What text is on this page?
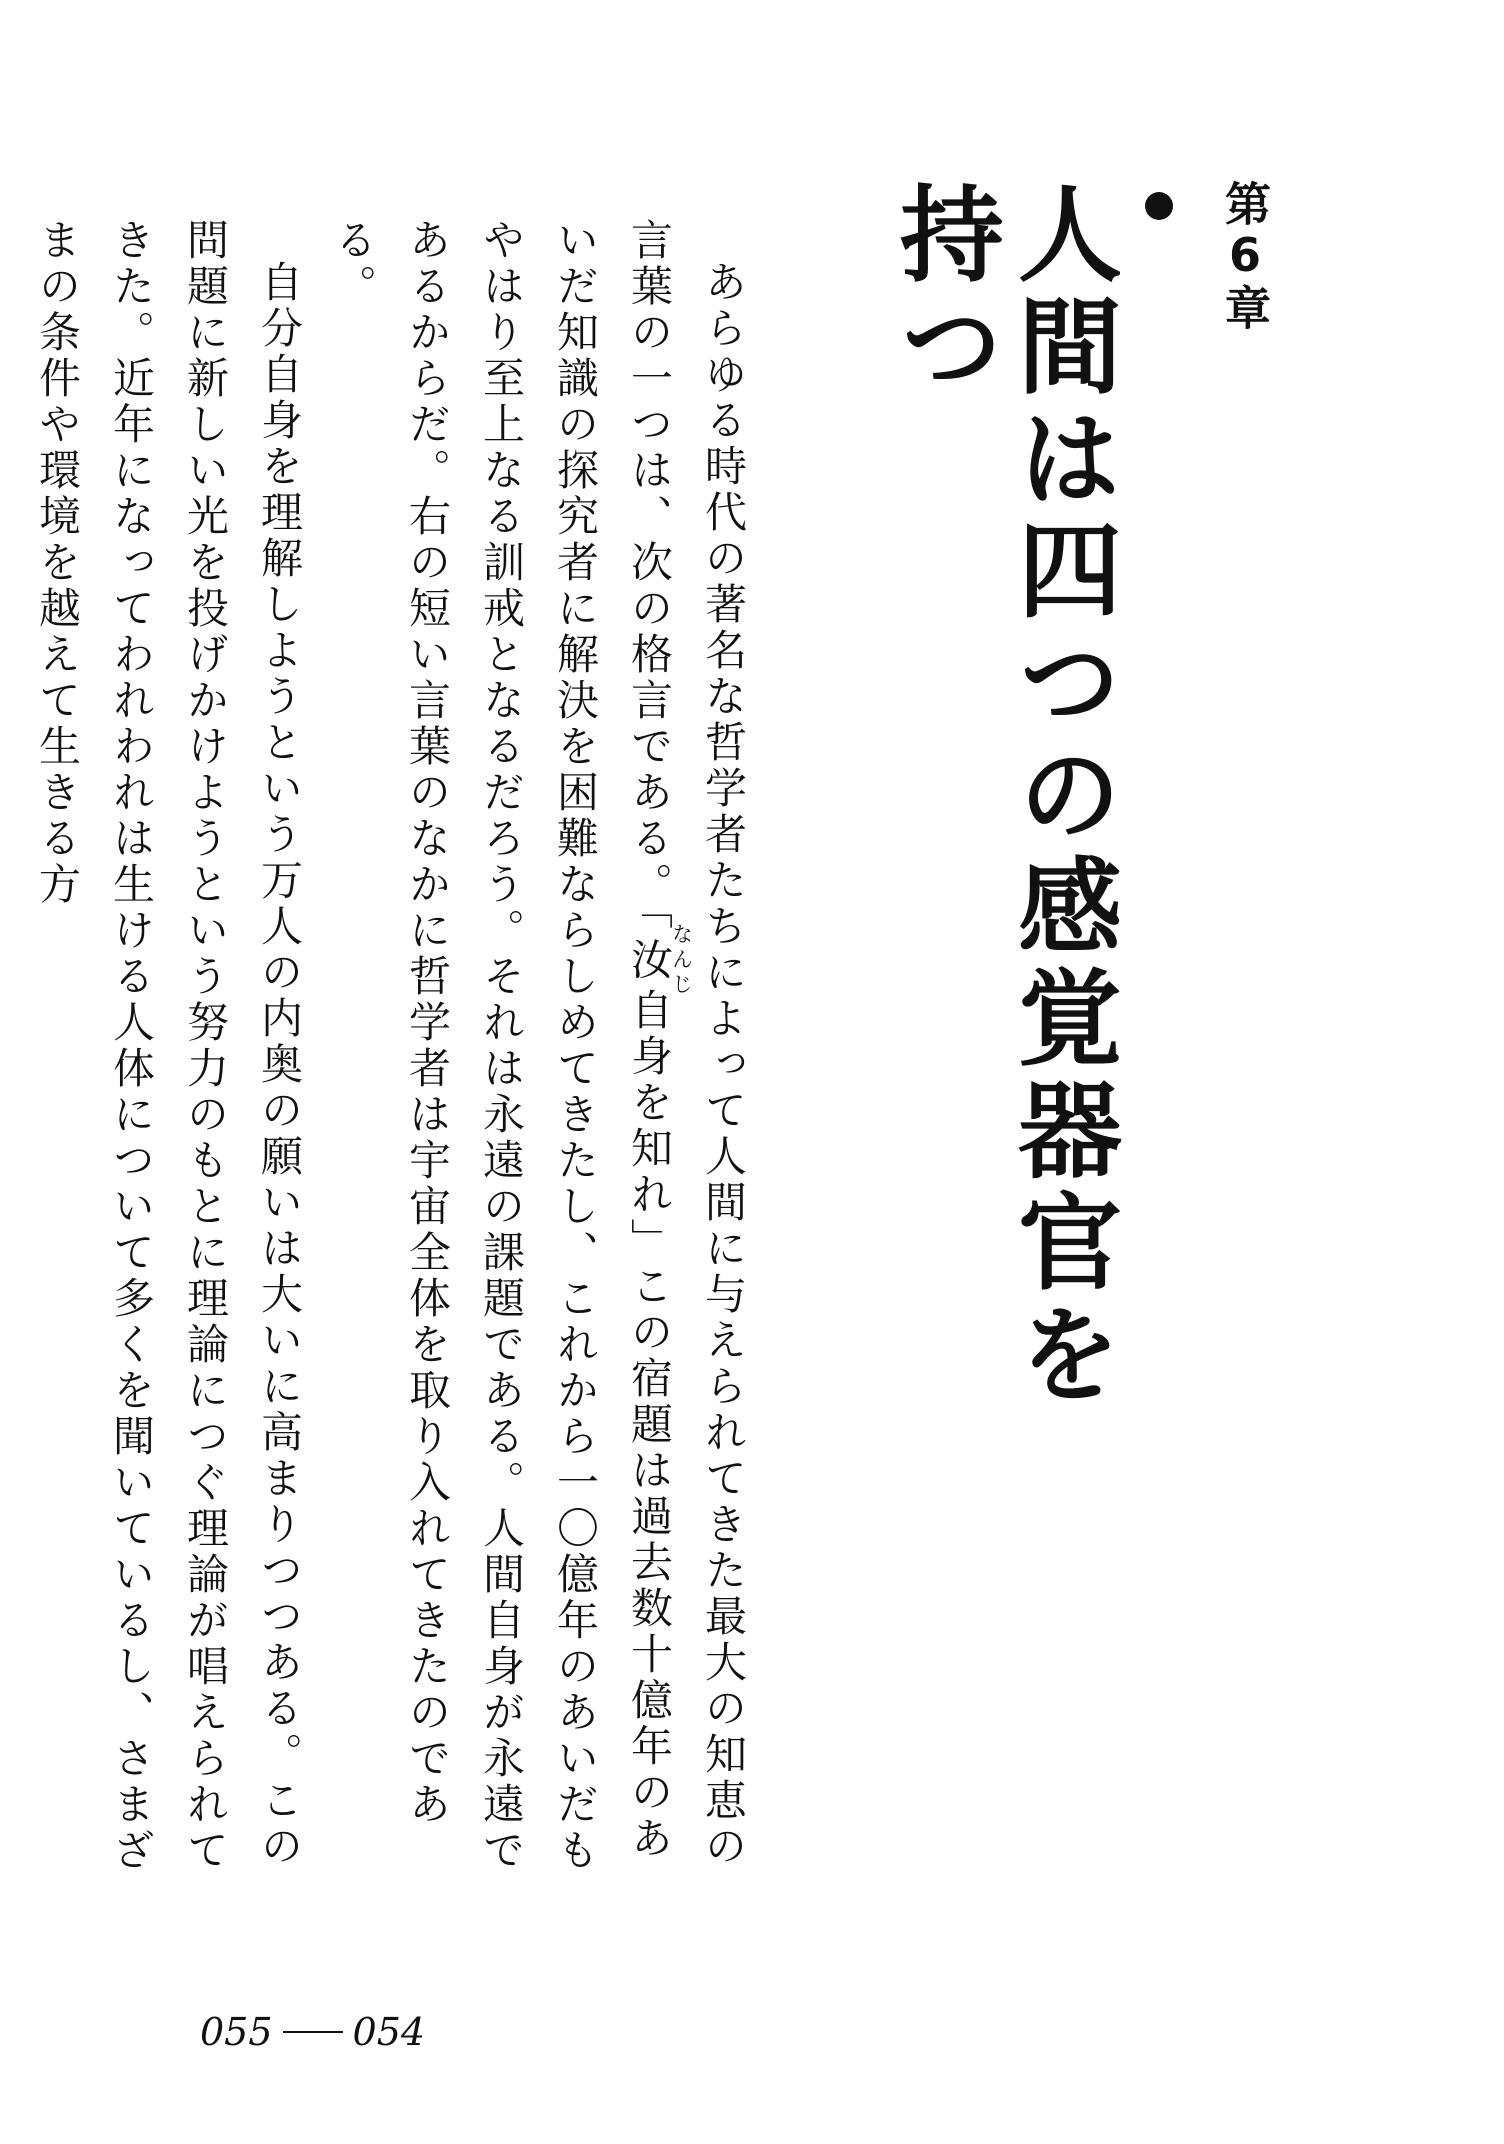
第6章
人間は四つの感覚器官を持つ

あらゆる時代の著名な哲学者たちによって人間に与えられてきた最大の知恵の言葉の一つは、次の格言である。「汝なんじ自身を知れ」この宿題は過去数十億年のあいだ知識の探究者に解決を困難ならしめてきたし、これから一〇億年のあいだもやはり至上なる訓戒となるだろう。それは永遠の課題である。人間自身が永遠であるからだ。右の短い言葉のなかに哲学者は宇宙全体を取り入れてきたのである。

自分自身を理解しようという万人の内奥の願いは大いに高まりつつある。この問題に新しい光を投げかけようという努力のもとに理論につぐ理論が唱えられてきた。近年になってわれわれは生ける人体について多くを聞いているし、さまざまの条件や環境を越えて生きる方

055 054
